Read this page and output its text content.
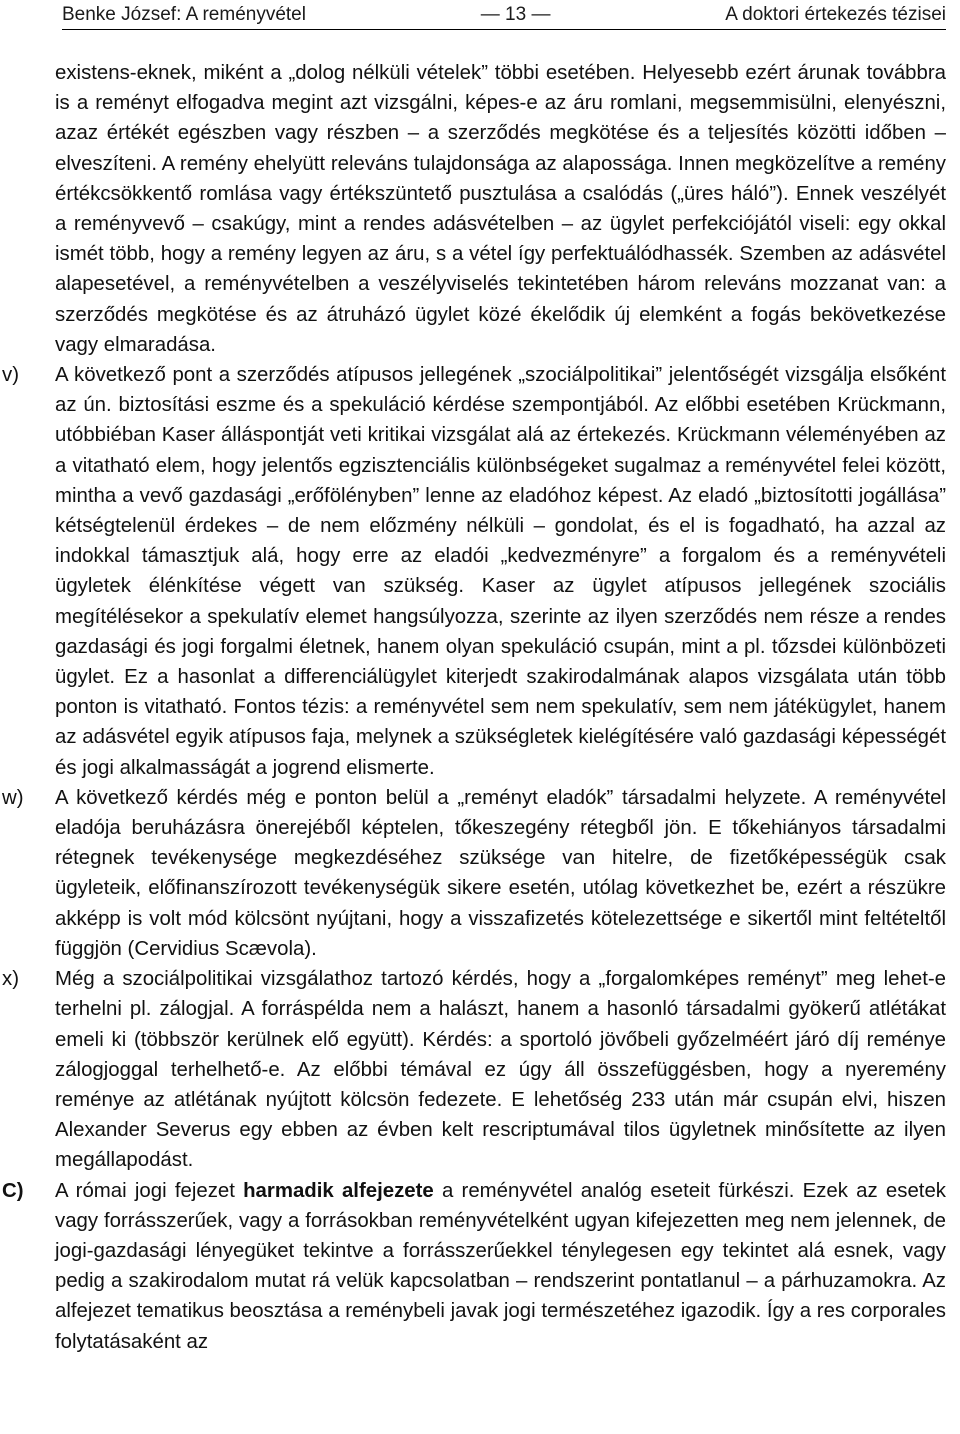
Benke József: A reményvétel	— 13 —	A doktori értekezés tézisei
existens-eknek, miként a „dolog nélküli vételek” többi esetében. Helyesebb ezért árunak továbbra is a reményt elfogadva megint azt vizsgálni, képes-e az áru romlani, megsemmisülni, elenyészni, azaz értékét egészben vagy részben – a szerződés megkötése és a teljesítés közötti időben – elveszíteni. A remény ehelyütt releváns tulajdonsága az alapossága. Innen megközelítve a remény értékcsökkentő romlása vagy értékszüntető pusztulása a csalódás („üres háló”). Ennek veszélyét a reményvevő – csakúgy, mint a rendes adásvételben – az ügylet perfekciójától viseli: egy okkal ismét több, hogy a remény legyen az áru, s a vétel így perfektuálódhassék. Szemben az adásvétel alapesetével, a reményvételben a veszélyviselés tekintetében három releváns mozzanat van: a szerződés megkötése és az átruházó ügylet közé ékelődik új elemként a fogás bekövetkezése vagy elmaradása.
v) A következő pont a szerződés atípusos jellegének „szociálpolitikai” jelentőségét vizsgálja elsőként az ún. biztosítási eszme és a spekuláció kérdése szempontjából. Az előbbi esetében Krückmann, utóbbiéban Kaser álláspontját veti kritikai vizsgálat alá az értekezés. Krückmann véleményében az a vitatható elem, hogy jelentős egzisztenciális különbségeket sugalmaz a reményvétel felei között, mintha a vevő gazdasági „erőfölényben” lenne az eladóhoz képest. Az eladó „biztosítotti jogállása” kétségtelenül érdekes – de nem előzmény nélküli – gondolat, és el is fogadható, ha azzal az indokkal támasztjuk alá, hogy erre az eladói „kedvezményre” a forgalom és a reményvételi ügyletek élénkítése végett van szükség. Kaser az ügylet atípusos jellegének szociális megítélésekor a spekulatív elemet hangsúlyozza, szerinte az ilyen szerződés nem része a rendes gazdasági és jogi forgalmi életnek, hanem olyan spekuláció csupán, mint a pl. tőzsdei különbözeti ügylet. Ez a hasonlat a differenciálügylet kiterjedt szakirodalmának alapos vizsgálata után több ponton is vitatható. Fontos tézis: a reményvétel sem nem spekulatív, sem nem játékügylet, hanem az adásvétel egyik atípusos faja, melynek a szükségletek kielégítésére való gazdasági képességét és jogi alkalmasságát a jogrend elismerte.
w) A következő kérdés még e ponton belül a „reményt eladók” társadalmi helyzete. A reményvétel eladója beruházásra önerejéből képtelen, tőkeszegény rétegből jön. E tőkehiányos társadalmi rétegnek tevékenysége megkezdéséhez szüksége van hitelre, de fizetőképességük csak ügyleteik, előfinanszírozott tevékenységük sikere esetén, utólag következhet be, ezért a részükre akképp is volt mód kölcsönt nyújtani, hogy a visszafizetés kötelezettsége e sikertől mint feltételtől függjön (Cervidius Scævola).
x) Még a szociálpolitikai vizsgálathoz tartozó kérdés, hogy a „forgalomképes reményt” meg lehet-e terhelni pl. zálogjal. A forráspélda nem a halászt, hanem a hasonló társadalmi gyökerű atlétákat emeli ki (többször kerülnek elő együtt). Kérdés: a sportoló jövőbeli győzelméért járó díj reménye zálogjoggal terhelhető-e. Az előbbi témával ez úgy áll összefüggésben, hogy a nyeremény reménye az atlétának nyújtott kölcsön fedezete. E lehetőség 233 után már csupán elvi, hiszen Alexander Severus egy ebben az évben kelt rescriptumával tilos ügyletnek minősítette az ilyen megállapodást.
C) A római jogi fejezet harmadik alfejezete a reményvétel analóg eseteit fürkészi. Ezek az esetek vagy forrásszerűek, vagy a forrásokban reményvételként ugyan kifejezetten meg nem jelennek, de jogi-gazdasági lényegüket tekintve a forrásszerűekkel ténylegesen egy tekintet alá esnek, vagy pedig a szakirodalom mutat rá velük kapcsolatban – rendszerint pontatlanul – a párhuzamokra. Az alfejezet tematikus beosztása a reménybeli javak jogi természetéhez igazodik. Így a res corporales folytatásaként az
